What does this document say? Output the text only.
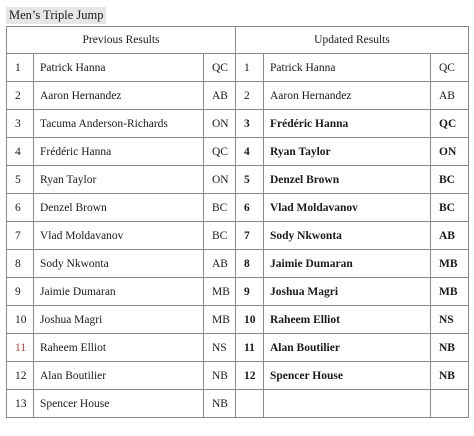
Men’s Triple Jump
Previous Results			Updated Results		
1	Patrick Hanna	QC	1	Patrick Hanna	QC
2	Aaron Hernandez	AB	2	Aaron Hernandez	AB
3	Tacuma Anderson-Richards	ON	3	Frédéric Hanna	QC
4	Frédéric Hanna	QC	4	Ryan Taylor	ON
5	Ryan Taylor	ON	5	Denzel Brown	BC
6	Denzel Brown	BC	6	Vlad Moldavanov	BC
7	Vlad Moldavanov	BC	7	Sody Nkwonta	AB
8	Sody Nkwonta	AB	8	Jaimie Dumaran	MB
9	Jaimie Dumaran	MB	9	Joshua Magri	MB
10	Joshua Magri	MB	10	Raheem Elliot	NS
11	Raheem Elliot	NS	11	Alan Boutilier	NB
12	Alan Boutilier	NB	12	Spencer House	NB
13	Spencer House	NB			
